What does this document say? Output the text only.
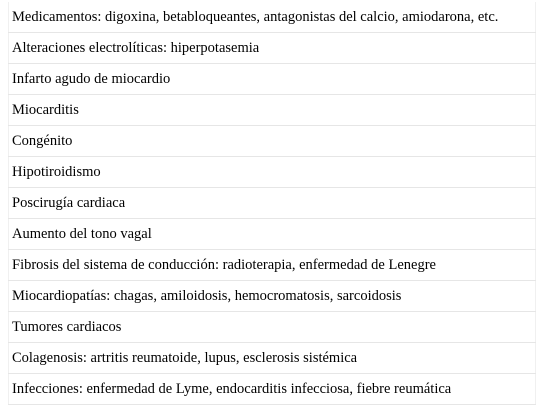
Medicamentos: digoxina, betabloqueantes, antagonistas del calcio, amiodarona, etc.
Alteraciones electrolíticas: hiperpotasemia
Infarto agudo de miocardio
Miocarditis
Congénito
Hipotiroidismo
Poscirugía cardiaca
Aumento del tono vagal
Fibrosis del sistema de conducción: radioterapia, enfermedad de Lenegre
Miocardiopatías: chagas, amiloidosis, hemocromatosis, sarcoidosis
Tumores cardiacos
Colagenosis: artritis reumatoide, lupus, esclerosis sistémica
Infecciones: enfermedad de Lyme, endocarditis infecciosa, fiebre reumática
